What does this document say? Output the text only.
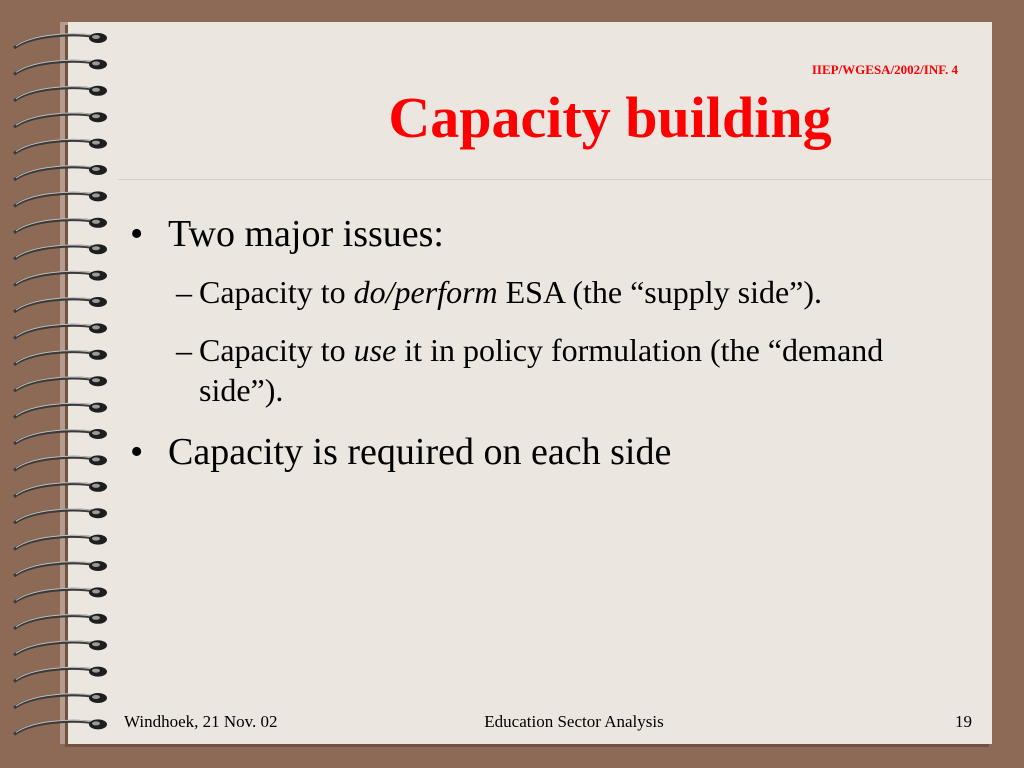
IIEP/WGESA/2002/INF. 4
Capacity building
• Two major issues:
– Capacity to do/perform ESA (the “supply side”).
– Capacity to use it in policy formulation (the “demand side”).
• Capacity is required on each side
Windhoek, 21 Nov. 02	Education Sector Analysis	19
